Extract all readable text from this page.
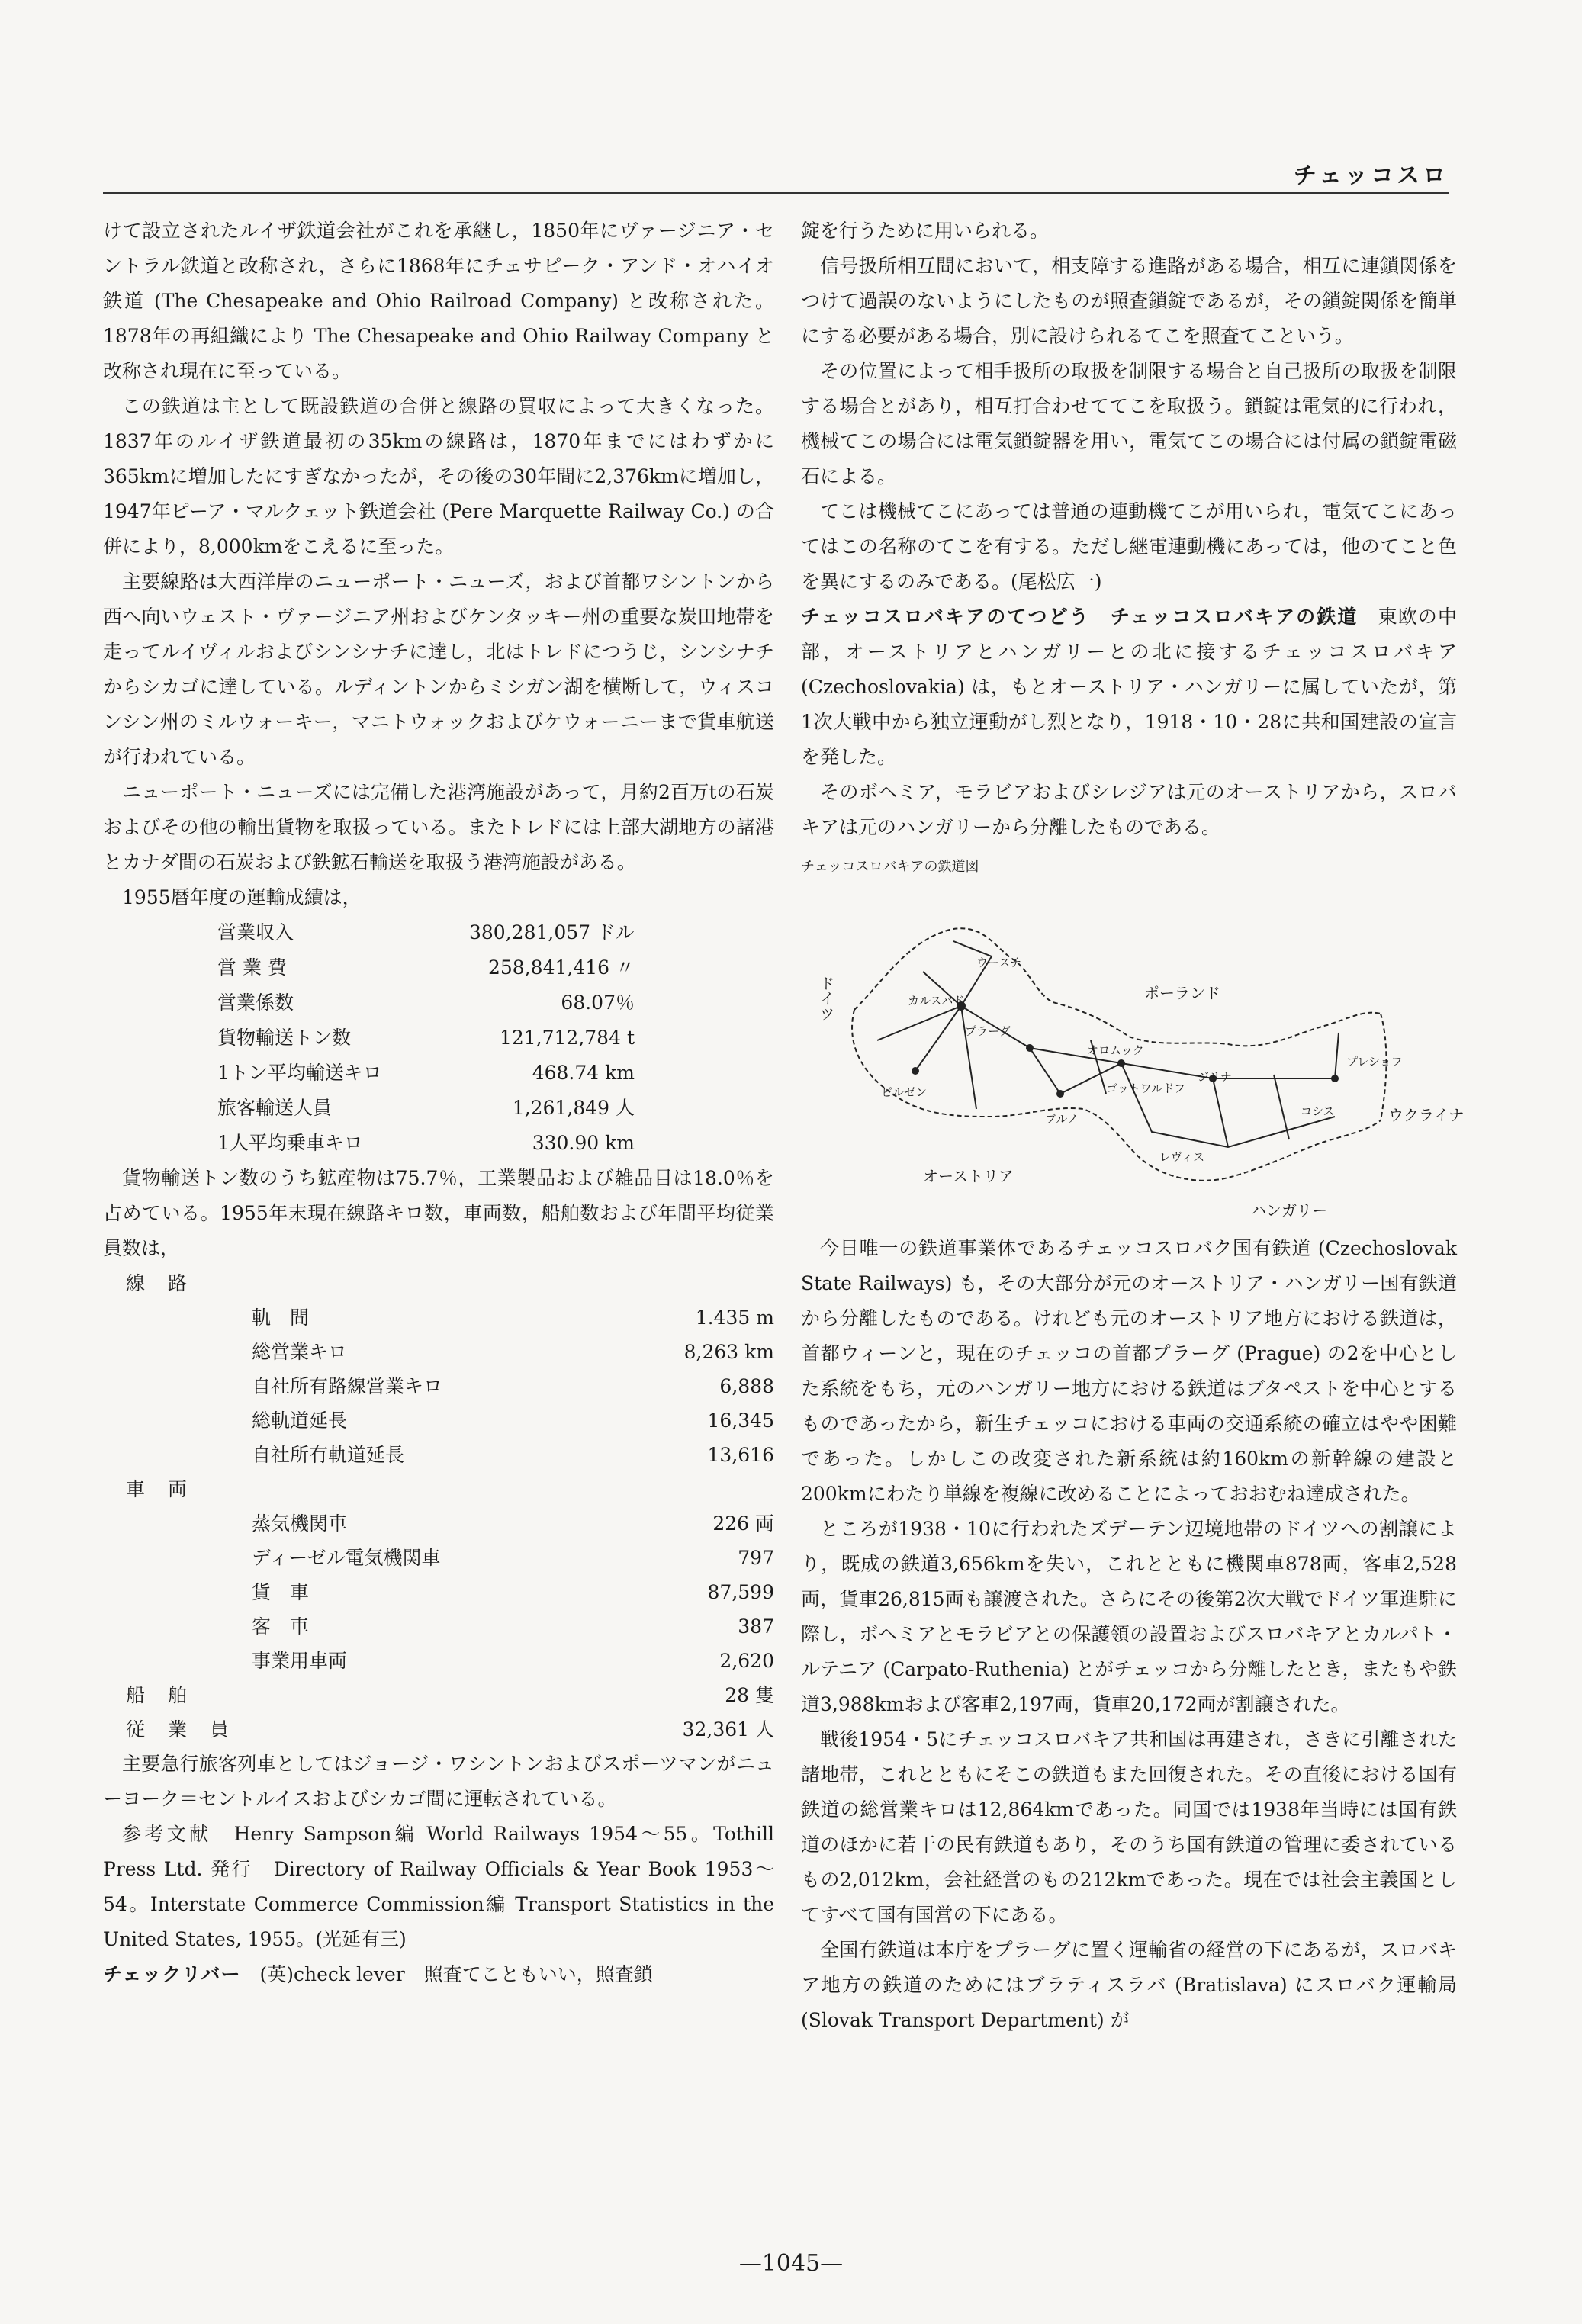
チェッコスロ

けて設立されたルイザ鉄道会社がこれを承継し，1850年にヴァージニア・セントラル鉄道と改称され，さらに1868年にチェサピーク・アンド・オハイオ鉄道 (The Chesapeake and Ohio Railroad Company) と改称された。1878年の再組織により The Chesapeake and Ohio Railway Company と改称され現在に至っている。

この鉄道は主として既設鉄道の合併と線路の買収によって大きくなった。1837年のルイザ鉄道最初の35kmの線路は，1870年までにはわずかに365kmに増加したにすぎなかったが，その後の30年間に2,376kmに増加し，1947年ピーア・マルクェット鉄道会社 (Pere Marquette Railway Co.) の合併により，8,000kmをこえるに至った。

主要線路は大西洋岸のニューポート・ニューズ，および首都ワシントンから西へ向いウェスト・ヴァージニア州およびケンタッキー州の重要な炭田地帯を走ってルイヴィルおよびシンシナチに達し，北はトレドにつうじ，シンシナチからシカゴに達している。ルディントンからミシガン湖を横断して，ウィスコンシン州のミルウォーキー，マニトウォックおよびケウォーニーまで貨車航送が行われている。

ニューポート・ニューズには完備した港湾施設があって，月約2百万tの石炭およびその他の輸出貨物を取扱っている。またトレドには上部大湖地方の諸港とカナダ間の石炭および鉄鉱石輸送を取扱う港湾施設がある。

1955暦年度の運輸成績は，

営業収入	380,281,057 ドル
営 業 費	258,841,416 〃
営業係数	68.07％
貨物輸送トン数	121,712,784 t
1トン平均輸送キロ	468.74 km
旅客輸送人員	1,261,849 人
1人平均乗車キロ	330.90 km

貨物輸送トン数のうち鉱産物は75.7％，工業製品および雑品目は18.0％を占めている。1955年末現在線路キロ数，車両数，船舶数および年間平均従業員数は，

線路		
	軌　間	1.435 m
	総営業キロ	8,263 km
	自社所有路線営業キロ	6,888
	総軌道延長	16,345
	自社所有軌道延長	13,616
車両		
	蒸気機関車	226 両
	ディーゼル電気機関車	797
	貨　車	87,599
	客　車	387
	事業用車両	2,620
船舶		28 隻
従業員		32,361 人

主要急行旅客列車としてはジョージ・ワシントンおよびスポーツマンがニューヨーク＝セントルイスおよびシカゴ間に運転されている。

参考文献　Henry Sampson編 World Railways 1954～55。Tothill Press Ltd. 発行　Directory of Railway Officials & Year Book 1953～54。Interstate Commerce Commission編 Transport Statistics in the United States, 1955。(光延有三)

チェックリバー　 (英)check lever　照査てこともいい，照査鎖

錠を行うために用いられる。

信号扱所相互間において，相支障する進路がある場合，相互に連鎖関係をつけて過誤のないようにしたものが照査鎖錠であるが，その鎖錠関係を簡単にする必要がある場合，別に設けられるてこを照査てこという。

その位置によって相手扱所の取扱を制限する場合と自己扱所の取扱を制限する場合とがあり，相互打合わせててこを取扱う。鎖錠は電気的に行われ，機械てこの場合には電気鎖錠器を用い，電気てこの場合には付属の鎖錠電磁石による。

てこは機械てこにあっては普通の連動機てこが用いられ，電気てこにあってはこの名称のてこを有する。ただし継電連動機にあっては，他のてこと色を異にするのみである。(尾松広一)

チェッコスロバキアのてつどう　チェッコスロバキアの鉄道　 東欧の中部，オーストリアとハンガリーとの北に接するチェッコスロバキア (Czechoslovakia) は，もとオーストリア・ハンガリーに属していたが，第1次大戦中から独立運動がし烈となり，1918・10・28に共和国建設の宣言を発した。

そのボヘミア，モラビアおよびシレジアは元のオーストリアから，スロバキアは元のハンガリーから分離したものである。

チェッコスロバキアの鉄道図
ドイツ	ポーランド
ウクライナ
オーストリア
ハンガリー
ピルゼン
プラーグ
ウースチ
カルスバド
オロムック
ゴットワルドフ
ジリナ
ブルノ
プレショフ
コシス
レヴィス

今日唯一の鉄道事業体であるチェッコスロバク国有鉄道 (Czechoslovak State Railways) も，その大部分が元のオーストリア・ハンガリー国有鉄道から分離したものである。けれども元のオーストリア地方における鉄道は，首都ウィーンと，現在のチェッコの首都プラーグ (Prague) の2を中心とした系統をもち，元のハンガリー地方における鉄道はブタペストを中心とするものであったから，新生チェッコにおける車両の交通系統の確立はやや困難であった。しかしこの改変された新系統は約160kmの新幹線の建設と200kmにわたり単線を複線に改めることによっておおむね達成された。

ところが1938・10に行われたズデーテン辺境地帯のドイツへの割譲により，既成の鉄道3,656kmを失い，これとともに機関車878両，客車2,528両，貨車26,815両も譲渡された。さらにその後第2次大戦でドイツ軍進駐に際し，ボヘミアとモラビアとの保護領の設置およびスロバキアとカルパト・ルテニア (Carpato-Ruthenia) とがチェッコから分離したとき，またもや鉄道3,988kmおよび客車2,197両，貨車20,172両が割譲された。

戦後1954・5にチェッコスロバキア共和国は再建され，さきに引離された諸地帯，これとともにそこの鉄道もまた回復された。その直後における国有鉄道の総営業キロは12,864kmであった。同国では1938年当時には国有鉄道のほかに若干の民有鉄道もあり，そのうち国有鉄道の管理に委されているもの2,012km，会社経営のもの212kmであった。現在では社会主義国としてすべて国有国営の下にある。

全国有鉄道は本庁をプラーグに置く運輸省の経営の下にあるが，スロバキア地方の鉄道のためにはブラティスラバ (Bratislava) にスロバク運輸局 (Slovak Transport Department) が

—1045—
